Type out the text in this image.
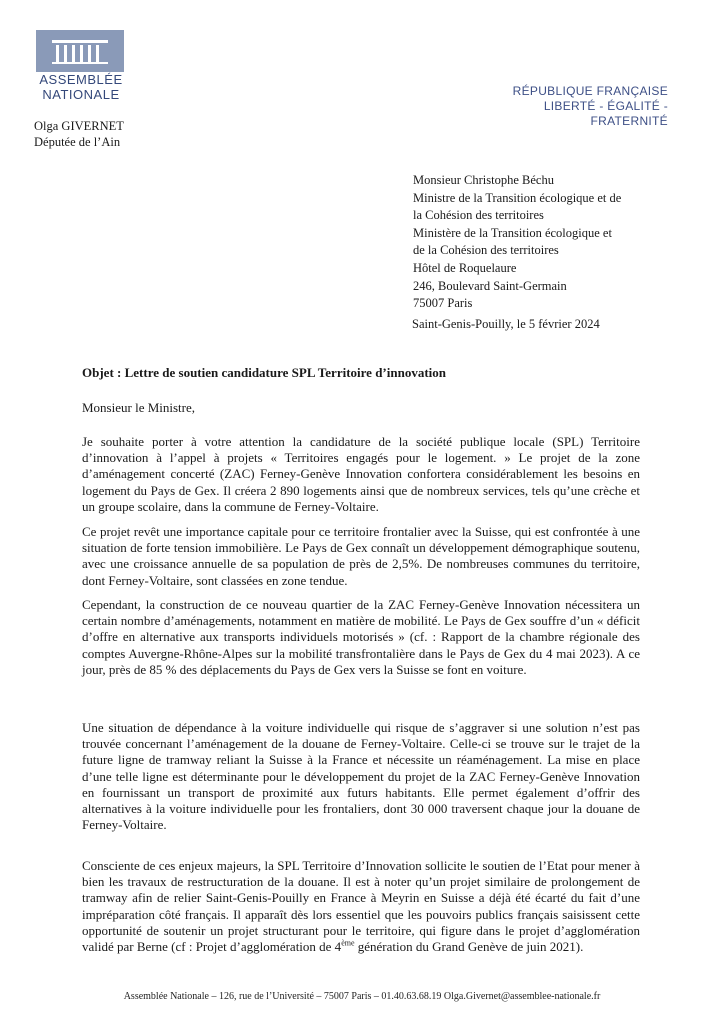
ASSEMBLÉE
NATIONALE
Olga GIVERNET
Députée de l’Ain
RÉPUBLIQUE FRANÇAISE
LIBERTÉ - ÉGALITÉ - FRATERNITÉ
Monsieur Christophe Béchu
Ministre de la Transition écologique et de
la Cohésion des territoires
Ministère de la Transition écologique et
de la Cohésion des territoires
Hôtel de Roquelaure
246, Boulevard Saint-Germain
75007 Paris
Saint-Genis-Pouilly, le 5 février 2024
Objet : Lettre de soutien candidature SPL Territoire d’innovation
Monsieur le Ministre,
Je souhaite porter à votre attention la candidature de la société publique locale (SPL) Territoire d’innovation à l’appel à projets « Territoires engagés pour le logement. » Le projet de la zone d’aménagement concerté (ZAC) Ferney-Genève Innovation confortera considérablement les besoins en logement du Pays de Gex. Il créera 2 890 logements ainsi que de nombreux services, tels qu’une crèche et un groupe scolaire, dans la commune de Ferney-Voltaire.
Ce projet revêt une importance capitale pour ce territoire frontalier avec la Suisse, qui est confrontée à une situation de forte tension immobilière. Le Pays de Gex connaît un développement démographique soutenu, avec une croissance annuelle de sa population de près de 2,5%. De nombreuses communes du territoire, dont Ferney-Voltaire, sont classées en zone tendue.
Cependant, la construction de ce nouveau quartier de la ZAC Ferney-Genève Innovation nécessitera un certain nombre d’aménagements, notamment en matière de mobilité. Le Pays de Gex souffre d’un « déficit d’offre en alternative aux transports individuels motorisés » (cf. : Rapport de la chambre régionale des comptes Auvergne-Rhône-Alpes sur la mobilité transfrontalière dans le Pays de Gex du 4 mai 2023). A ce jour, près de 85 % des déplacements du Pays de Gex vers la Suisse se font en voiture.
Une situation de dépendance à la voiture individuelle qui risque de s’aggraver si une solution n’est pas trouvée concernant l’aménagement de la douane de Ferney-Voltaire. Celle-ci se trouve sur le trajet de la future ligne de tramway reliant la Suisse à la France et nécessite un réaménagement. La mise en place d’une telle ligne est déterminante pour le développement du projet de la ZAC Ferney-Genève Innovation en fournissant un transport de proximité aux futurs habitants. Elle permet également d’offrir des alternatives à la voiture individuelle pour les frontaliers, dont 30 000 traversent chaque jour la douane de Ferney-Voltaire.
Consciente de ces enjeux majeurs, la SPL Territoire d’Innovation sollicite le soutien de l’Etat pour mener à bien les travaux de restructuration de la douane. Il est à noter qu’un projet similaire de prolongement de tramway afin de relier Saint-Genis-Pouilly en France à Meyrin en Suisse a déjà été écarté du fait d’une impréparation côté français. Il apparaît dès lors essentiel que les pouvoirs publics français saisissent cette opportunité de soutenir un projet structurant pour le territoire, qui figure dans le projet d’agglomération validé par Berne (cf : Projet d’agglomération de 4ème génération du Grand Genève de juin 2021).
Assemblée Nationale – 126, rue de l’Université – 75007 Paris – 01.40.63.68.19 Olga.Givernet@assemblee-nationale.fr
